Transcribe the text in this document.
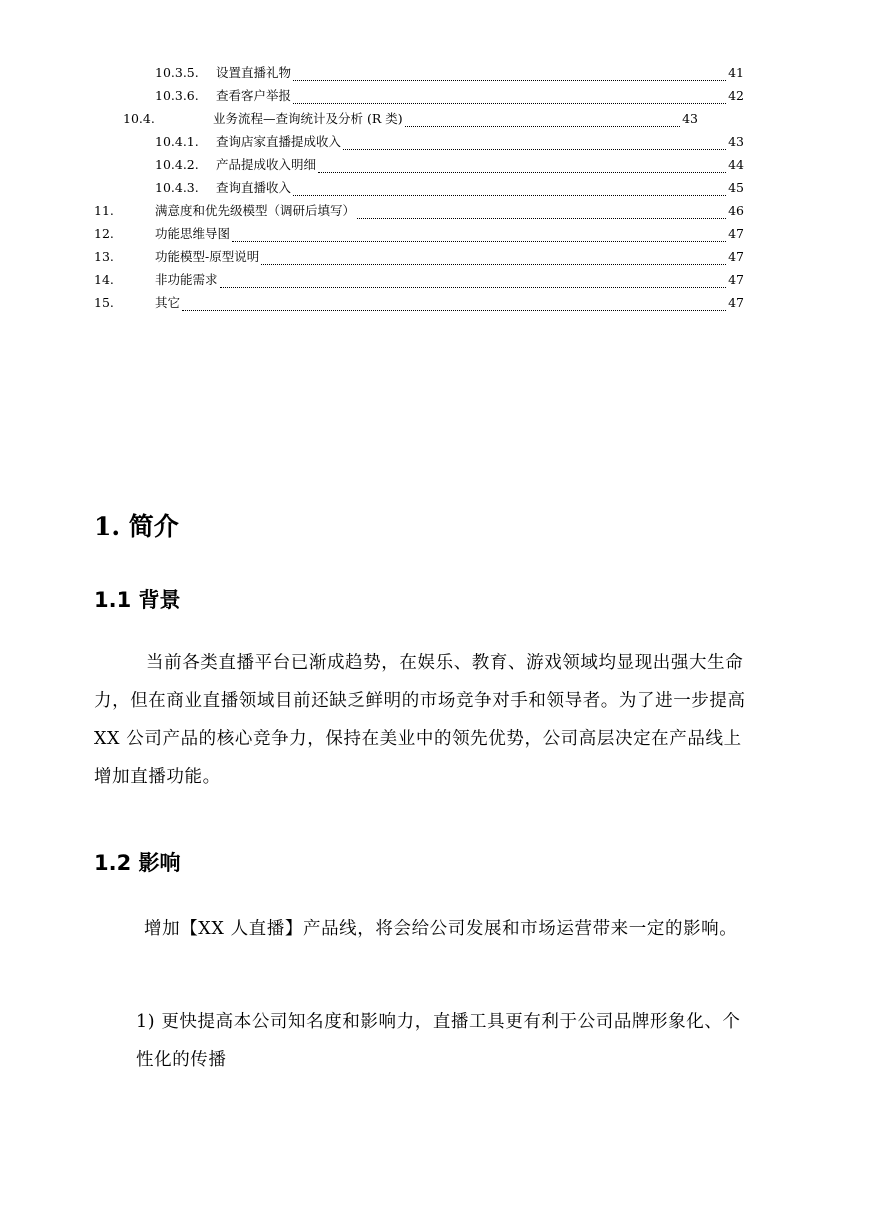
10.3.5.	设置直播礼物	41
10.3.6.	查看客户举报	42
10.4.	业务流程—查询统计及分析 (R 类)	43
10.4.1.	查询店家直播提成收入	43
10.4.2.	产品提成收入明细	44
10.4.3.	查询直播收入	45
11.	满意度和优先级模型（调研后填写）	46
12.	功能思维导图	47
13.	功能模型-原型说明	47
14.	非功能需求	47
15.	其它	47
1. 简介
1.1 背景
当前各类直播平台已渐成趋势，在娱乐、教育、游戏领域均显现出强大生命力，但在商业直播领域目前还缺乏鲜明的市场竞争对手和领导者。为了进一步提高 XX 公司产品的核心竞争力，保持在美业中的领先优势，公司高层决定在产品线上增加直播功能。
1.2 影响
增加【XX 人直播】产品线，将会给公司发展和市场运营带来一定的影响。
1) 更快提高本公司知名度和影响力，直播工具更有利于公司品牌形象化、个性化的传播
